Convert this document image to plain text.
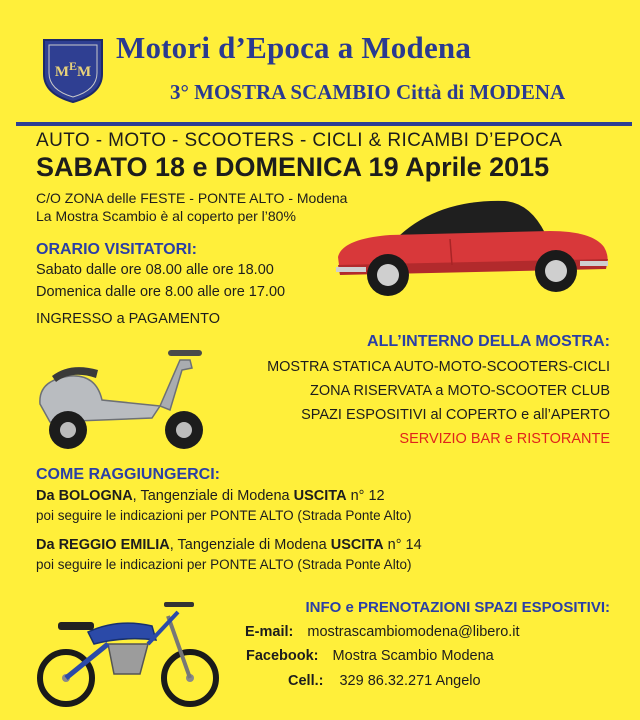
$M^EM$
Motori d’Epoca a Modena
3° MOSTRA SCAMBIO Città di MODENA
AUTO - MOTO - SCOOTERS - CICLI & RICAMBI D’EPOCA
SABATO 18 e DOMENICA 19 Aprile 2015
C/O ZONA delle FESTE - PONTE ALTO - Modena
La Mostra Scambio è al coperto per l’80%
ORARIO VISITATORI:
Sabato dalle ore 08.00 alle ore 18.00
Domenica dalle ore 8.00 alle ore 17.00
INGRESSO a PAGAMENTO
ALL’INTERNO DELLA MOSTRA:
MOSTRA STATICA AUTO-MOTO-SCOOTERS-CICLI
ZONA RISERVATA a MOTO-SCOOTER CLUB
SPAZI ESPOSITIVI al COPERTO e all’APERTO
SERVIZIO BAR e RISTORANTE
COME RAGGIUNGERCI:
Da BOLOGNA, Tangenziale di Modena USCITA n° 12
poi seguire le indicazioni per PONTE ALTO (Strada Ponte Alto)
Da REGGIO EMILIA, Tangenziale di Modena USCITA n° 14
poi seguire le indicazioni per PONTE ALTO (Strada Ponte Alto)
INFO e PRENOTAZIONI SPAZI ESPOSITIVI:
E-mail: mostrascambiomodena@libero.it
Facebook: Mostra Scambio Modena
Cell.: 329 86.32.271 Angelo
